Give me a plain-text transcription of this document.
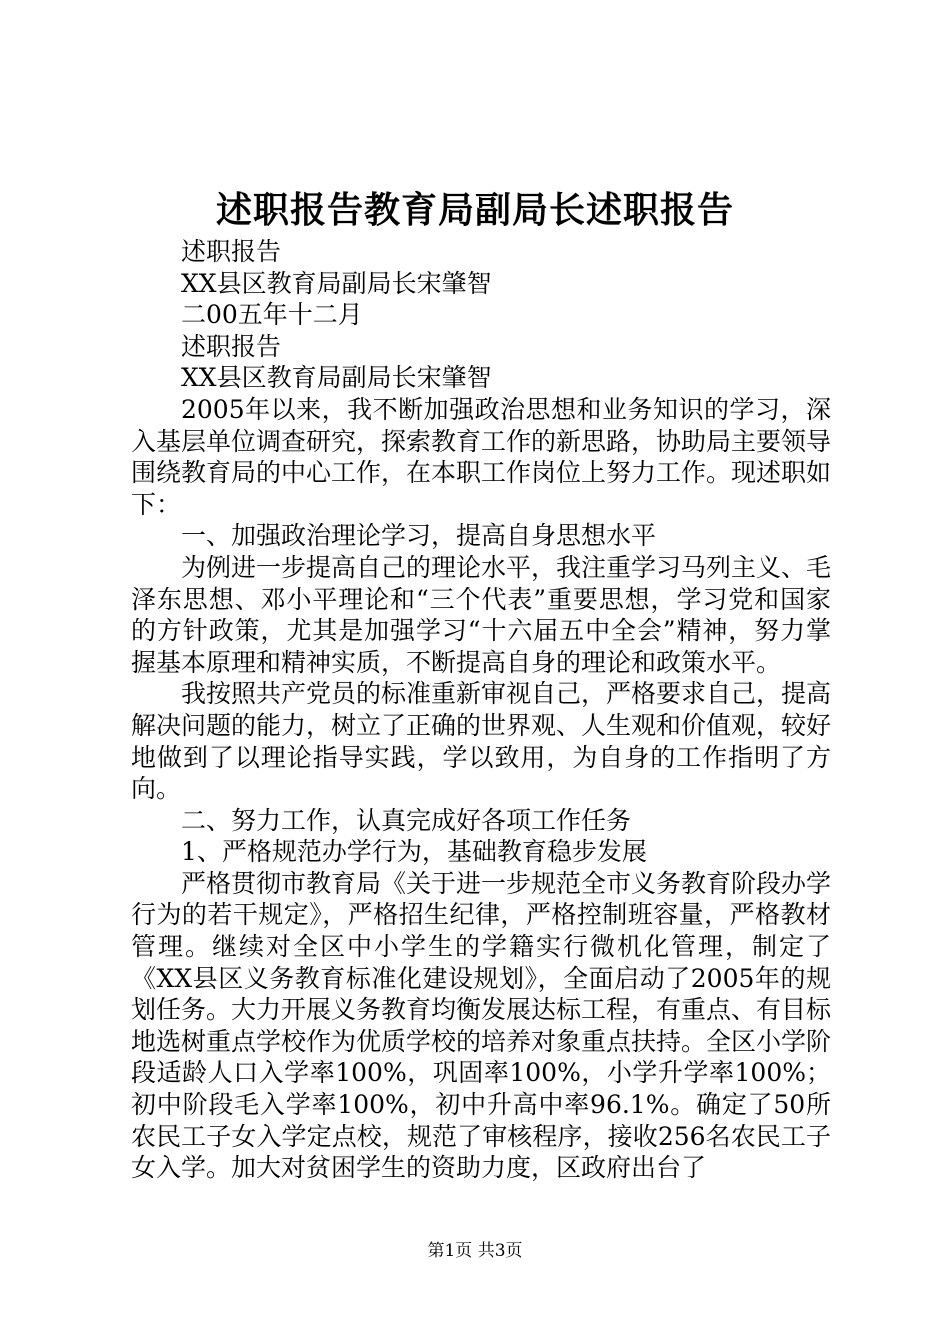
述职报告教育局副局长述职报告

述职报告

XX县区教育局副局长宋肇智

二00五年十二月

述职报告

XX县区教育局副局长宋肇智

2005年以来，我不断加强政治思想和业务知识的学习，深入基层单位调查研究，探索教育工作的新思路，协助局主要领导围绕教育局的中心工作，在本职工作岗位上努力工作。现述职如下：

一、加强政治理论学习，提高自身思想水平

为例进一步提高自己的理论水平，我注重学习马列主义、毛泽东思想、邓小平理论和“三个代表”重要思想，学习党和国家的方针政策，尤其是加强学习“十六届五中全会”精神，努力掌握基本原理和精神实质，不断提高自身的理论和政策水平。

我按照共产党员的标准重新审视自己，严格要求自己，提高解决问题的能力，树立了正确的世界观、人生观和价值观，较好地做到了以理论指导实践，学以致用，为自身的工作指明了方向。

二、努力工作，认真完成好各项工作任务

1、严格规范办学行为，基础教育稳步发展

严格贯彻市教育局《关于进一步规范全市义务教育阶段办学行为的若干规定》，严格招生纪律，严格控制班容量，严格教材管理。继续对全区中小学生的学籍实行微机化管理，制定了《XX县区义务教育标准化建设规划》，全面启动了2005年的规划任务。大力开展义务教育均衡发展达标工程，有重点、有目标地选树重点学校作为优质学校的培养对象重点扶持。全区小学阶段适龄人口入学率100%，巩固率100%，小学升学率100%；初中阶段毛入学率100%，初中升高中率96.1%。确定了50所农民工子女入学定点校，规范了审核程序，接收256名农民工子女入学。加大对贫困学生的资助力度，区政府出台了

第1页 共3页
